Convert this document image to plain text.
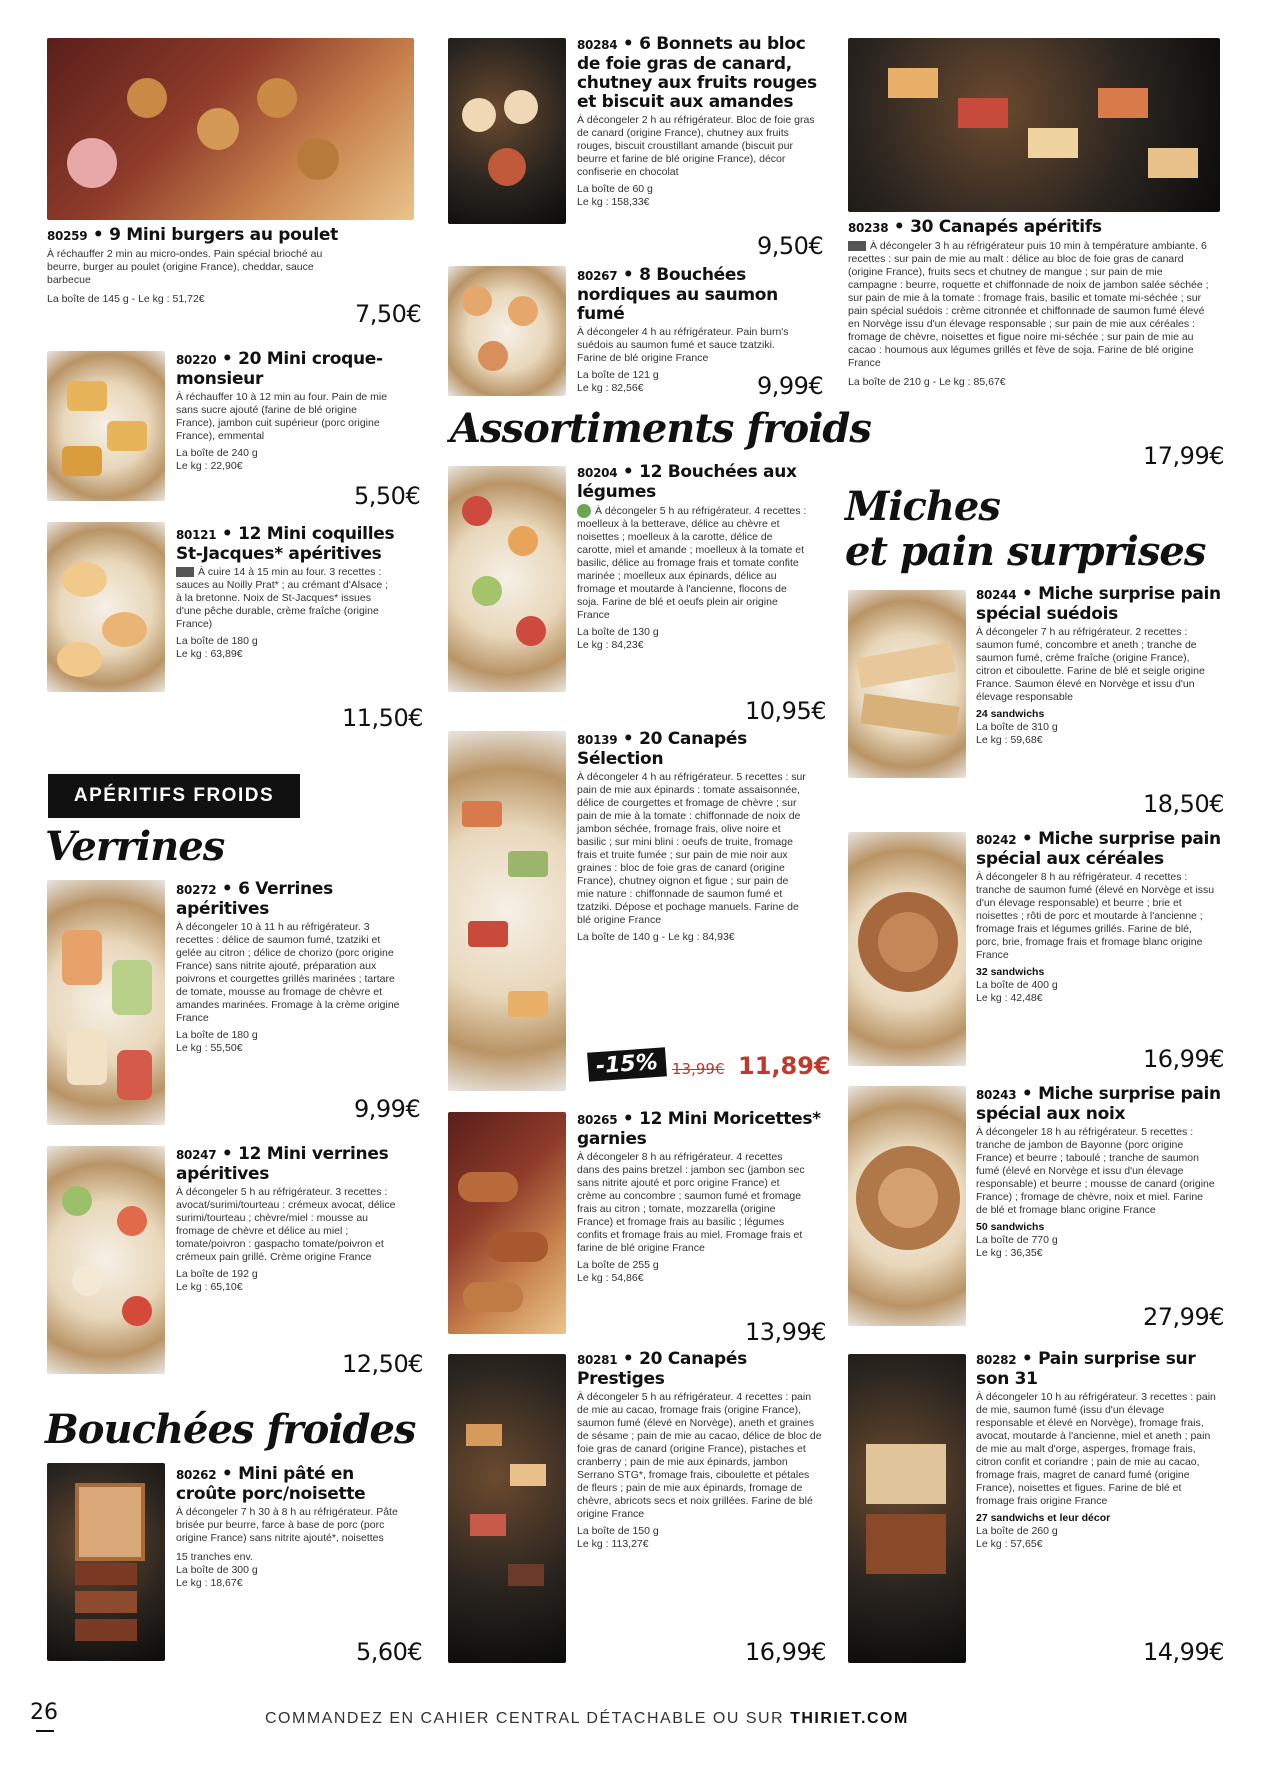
80259 • 9 Mini burgers au poulet
À réchauffer 2 min au micro-ondes. Pain spécial brioché au beurre, burger au poulet (origine France), cheddar, sauce barbecue
La boîte de 145 g - Le kg : 51,72€
7,50€
80220 • 20 Mini croque-monsieur
À réchauffer 10 à 12 min au four. Pain de mie sans sucre ajouté (farine de blé origine France), jambon cuit supérieur (porc origine France), emmental
La boîte de 240 g
Le kg : 22,90€
5,50€
80121 • 12 Mini coquilles St-Jacques* apéritives
À cuire 14 à 15 min au four. 3 recettes : sauces au Noilly Prat* ; au crémant d'Alsace ; à la bretonne. Noix de St-Jacques* issues d'une pêche durable, crème fraîche (origine France)
La boîte de 180 g
Le kg : 63,89€
11,50€
APÉRITIFS FROIDS
Verrines
80272 • 6 Verrines apéritives
À décongeler 10 à 11 h au réfrigérateur. 3 recettes : délice de saumon fumé, tzatziki et gelée au citron ; délice de chorizo (porc origine France) sans nitrite ajouté, préparation aux poivrons et courgettes grillés marinées ; tartare de tomate, mousse au fromage de chèvre et amandes marinées. Fromage à la crème origine France
La boîte de 180 g
Le kg : 55,50€
9,99€
80247 • 12 Mini verrines apéritives
À décongeler 5 h au réfrigérateur. 3 recettes : avocat/surimi/tourteau : crémeux avocat, délice surimi/tourteau ; chèvre/miel : mousse au fromage de chèvre et délice au miel ; tomate/poivron : gaspacho tomate/poivron et crémeux pain grillé. Crème origine France
La boîte de 192 g
Le kg : 65,10€
12,50€
Bouchées froides
80262 • Mini pâté en croûte porc/noisette
À décongeler 7 h 30 à 8 h au réfrigérateur. Pâte brisée pur beurre, farce à base de porc (porc origine France) sans nitrite ajouté*, noisettes
15 tranches env.
La boîte de 300 g
Le kg : 18,67€
5,60€
80284 • 6 Bonnets au bloc de foie gras de canard, chutney aux fruits rouges et biscuit aux amandes
À décongeler 2 h au réfrigérateur. Bloc de foie gras de canard (origine France), chutney aux fruits rouges, biscuit croustillant amande (biscuit pur beurre et farine de blé origine France), décor confiserie en chocolat
La boîte de 60 g
Le kg : 158,33€
9,50€
80267 • 8 Bouchées nordiques au saumon fumé
À décongeler 4 h au réfrigérateur. Pain burn's suédois au saumon fumé et sauce tzatziki. Farine de blé origine France
La boîte de 121 g
Le kg : 82,56€	9,99€
Assortiments froids
80204 • 12 Bouchées aux légumes
À décongeler 5 h au réfrigérateur. 4 recettes : moelleux à la betterave, délice au chèvre et noisettes ; moelleux à la carotte, délice de carotte, miel et amande ; moelleux à la tomate et basilic, délice au fromage frais et tomate confite marinée ; moelleux aux épinards, délice au fromage et moutarde à l'ancienne, flocons de soja. Farine de blé et oeufs plein air origine France
La boîte de 130 g
Le kg : 84,23€
10,95€
80139 • 20 Canapés Sélection
À décongeler 4 h au réfrigérateur. 5 recettes : sur pain de mie aux épinards : tomate assaisonnée, délice de courgettes et fromage de chèvre ; sur pain de mie à la tomate : chiffonnade de noix de jambon séchée, fromage frais, olive noire et basilic ; sur mini blini : oeufs de truite, fromage frais et truite fumée ; sur pain de mie noir aux graines : bloc de foie gras de canard (origine France), chutney oignon et figue ; sur pain de mie nature : chiffonnade de saumon fumé et tzatziki. Dépose et pochage manuels. Farine de blé origine France
La boîte de 140 g - Le kg : 84,93€
-15% 13,99€ 11,89€
80265 • 12 Mini Moricettes* garnies
À décongeler 8 h au réfrigérateur. 4 recettes dans des pains bretzel : jambon sec (jambon sec sans nitrite ajouté et porc origine France) et crème au concombre ; saumon fumé et fromage frais au citron ; tomate, mozzarella (origine France) et fromage frais au basilic ; légumes confits et fromage frais au miel. Fromage frais et farine de blé origine France
La boîte de 255 g
Le kg : 54,86€
13,99€
80281 • 20 Canapés Prestiges
À décongeler 5 h au réfrigérateur. 4 recettes : pain de mie au cacao, fromage frais (origine France), saumon fumé (élevé en Norvège), aneth et graines de sésame ; pain de mie au cacao, délice de bloc de foie gras de canard (origine France), pistaches et cranberry ; pain de mie aux épinards, jambon Serrano STG*, fromage frais, ciboulette et pétales de fleurs ; pain de mie aux épinards, fromage de chèvre, abricots secs et noix grillées. Farine de blé origine France
La boîte de 150 g
Le kg : 113,27€
16,99€
80238 • 30 Canapés apéritifs
À décongeler 3 h au réfrigérateur puis 10 min à température ambiante. 6 recettes : sur pain de mie au malt : délice au bloc de foie gras de canard (origine France), fruits secs et chutney de mangue ; sur pain de mie campagne : beurre, roquette et chiffonnade de noix de jambon salée séchée ; sur pain de mie à la tomate : fromage frais, basilic et tomate mi-séchée ; sur pain spécial suédois : crème citronnée et chiffonnade de saumon fumé élevé en Norvège issu d'un élevage responsable ; sur pain de mie aux céréales : fromage de chèvre, noisettes et figue noire mi-séchée ; sur pain de mie au cacao : houmous aux légumes grillés et fève de soja. Farine de blé origine France
La boîte de 210 g - Le kg : 85,67€
17,99€
Miches
et pain surprises
80244 • Miche surprise pain spécial suédois
À décongeler 7 h au réfrigérateur. 2 recettes : saumon fumé, concombre et aneth ; tranche de saumon fumé, crème fraîche (origine France), citron et ciboulette. Farine de blé et seigle origine France. Saumon élevé en Norvège et issu d'un élevage responsable
24 sandwichs
La boîte de 310 g
Le kg : 59,68€
18,50€
80242 • Miche surprise pain spécial aux céréales
À décongeler 8 h au réfrigérateur. 4 recettes : tranche de saumon fumé (élevé en Norvège et issu d'un élevage responsable) et beurre ; brie et noisettes ; rôti de porc et moutarde à l'ancienne ; fromage frais et légumes grillés. Farine de blé, porc, brie, fromage frais et fromage blanc origine France
32 sandwichs
La boîte de 400 g
Le kg : 42,48€
16,99€
80243 • Miche surprise pain spécial aux noix
À décongeler 18 h au réfrigérateur. 5 recettes : tranche de jambon de Bayonne (porc origine France) et beurre ; taboulé ; tranche de saumon fumé (élevé en Norvège et issu d'un élevage responsable) et beurre ; mousse de canard (origine France) ; fromage de chèvre, noix et miel. Farine de blé et fromage blanc origine France
50 sandwichs
La boîte de 770 g
Le kg : 36,35€
27,99€
80282 • Pain surprise sur son 31
À décongeler 10 h au réfrigérateur. 3 recettes : pain de mie, saumon fumé (issu d'un élevage responsable et élevé en Norvège), fromage frais, avocat, moutarde à l'ancienne, miel et aneth ; pain de mie au malt d'orge, asperges, fromage frais, citron confit et coriandre ; pain de mie au cacao, fromage frais, magret de canard fumé (origine France), noisettes et figues. Farine de blé et fromage frais origine France
27 sandwichs et leur décor
La boîte de 260 g
Le kg : 57,65€
14,99€
26	COMMANDEZ EN CAHIER CENTRAL DÉTACHABLE OU SUR THIRIET.COM
